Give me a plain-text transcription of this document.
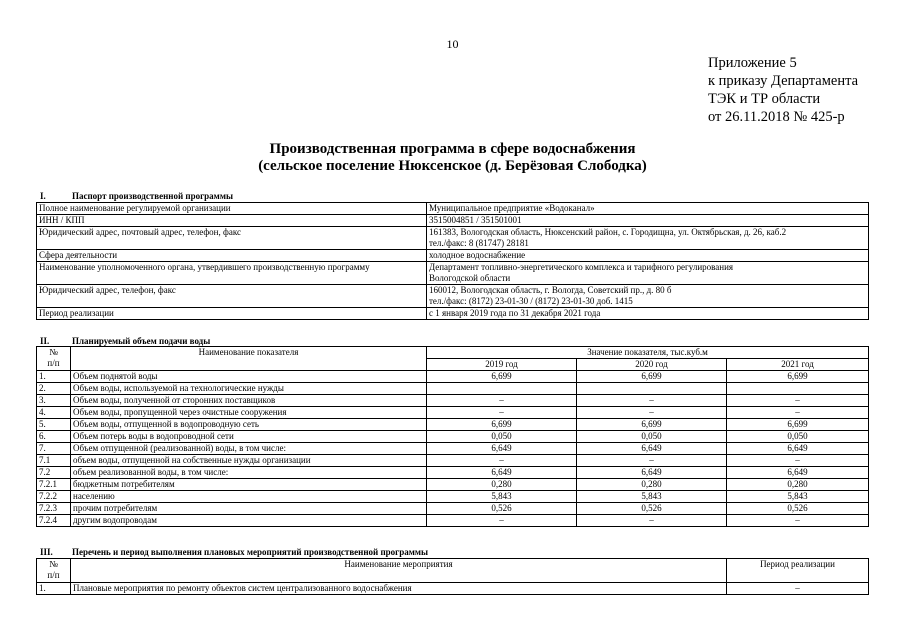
10
Приложение 5
к приказу Департамента
ТЭК и ТР области
от 26.11.2018 № 425-р
Производственная программа в сфере водоснабжения
(сельское поселение Нюксенское (д. Берёзовая Слободка)
I.	Паспорт производственной программы
Полное наименование регулируемой организации	Муниципальное предприятие «Водоканал»

ИНН / КПП	3515004851 / 351501001

Юридический адрес, почтовый адрес, телефон, факс	161383, Вологодская область, Нюксенский район, с. Городищна, ул. Октябрьская, д. 26, каб.2
тел./факс: 8 (81747) 28181

Сфера деятельности	холодное водоснабжение

Наименование уполномоченного органа, утвердившего производственную программу	Департамент топливно-энергетического комплекса и тарифного регулирования
Вологодской области

Юридический адрес, телефон, факс	160012, Вологодская область, г. Вологда, Советский пр., д. 80 б
тел./факс: (8172) 23-01-30 / (8172) 23-01-30 доб. 1415

Период реализации	с 1 января 2019 года по 31 декабря 2021 года
II.	Планируемый объем подачи воды
№
п/п	Наименование показателя	Значение показателя, тыс.куб.м		
		2019 год	2020 год	2021 год
1.	Объем поднятой воды	6,699	6,699	6,699
2.	Объем воды, используемой на технологические нужды			
3.	Объем воды, полученной от сторонних поставщиков	–	–	–
4.	Объем воды, пропущенной через очистные сооружения	–	–	–
5.	Объем воды, отпущенной в водопроводную сеть	6,699	6,699	6,699
6.	Объем потерь воды в водопроводной сети	0,050	0,050	0,050
7.	Объем отпущенной (реализованной) воды, в том числе:	6,649	6,649	6,649
7.1	объем воды, отпущенной на собственные нужды организации	–	–	–
7.2	объем реализованной воды, в том числе:	6,649	6,649	6,649
7.2.1	бюджетным потребителям	0,280	0,280	0,280
7.2.2	населению	5,843	5,843	5,843
7.2.3	прочим потребителям	0,526	0,526	0,526
7.2.4	другим водопроводам	–	–	–
III. Перечень и период выполнения плановых мероприятий производственной программы
№
п/п	Наименование мероприятия	Период реализации
1.	Плановые мероприятия по ремонту объектов систем централизованного водоснабжения	–
